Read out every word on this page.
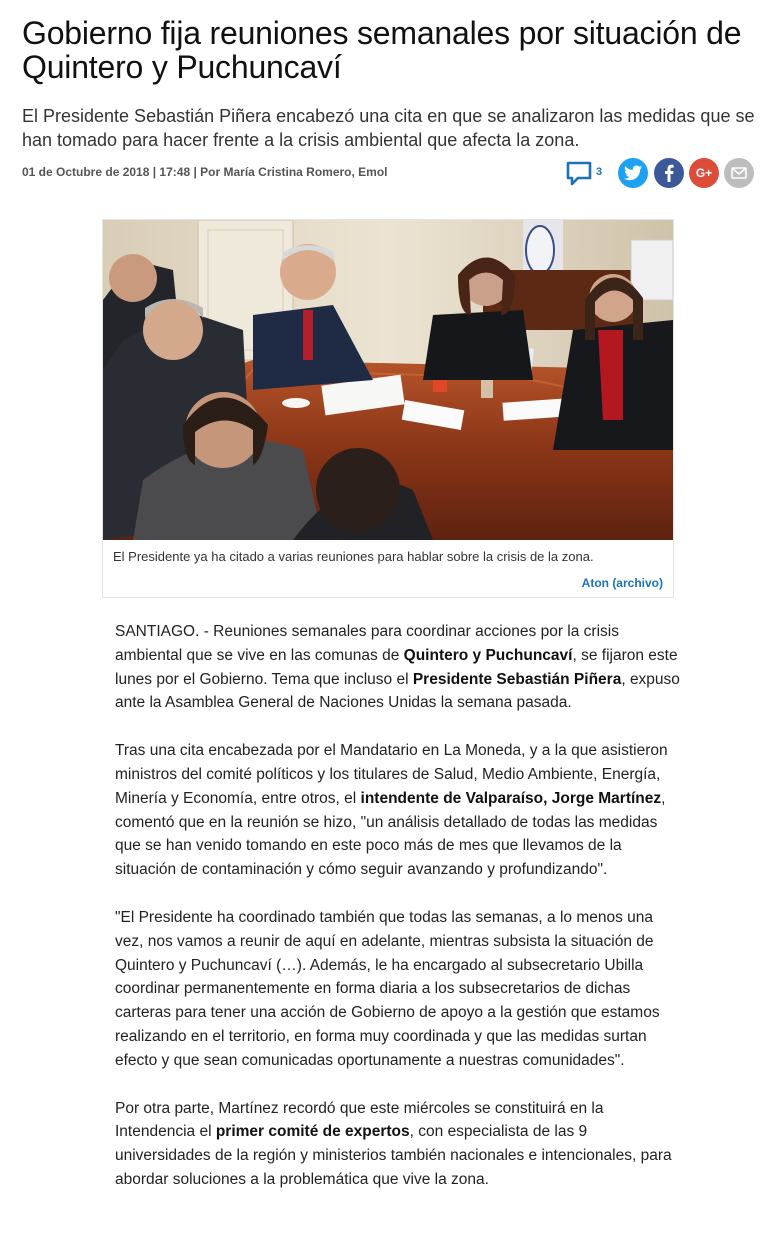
Gobierno fija reuniones semanales por situación de Quintero y Puchuncaví

El Presidente Sebastián Piñera encabezó una cita en que se analizaron las medidas que se han tomado para hacer frente a la crisis ambiental que afecta la zona.

01 de Octubre de 2018 | 17:48 | Por María Cristina Romero, Emol	3	G+
El Presidente ya ha citado a varias reuniones para hablar sobre la crisis de la zona.
Aton (archivo)

SANTIAGO. - Reuniones semanales para coordinar acciones por la crisis ambiental que se vive en las comunas de Quintero y Puchuncaví, se fijaron este lunes por el Gobierno. Tema que incluso el Presidente Sebastián Piñera, expuso ante la Asamblea General de Naciones Unidas la semana pasada.

Tras una cita encabezada por el Mandatario en La Moneda, y a la que asistieron ministros del comité políticos y los titulares de Salud, Medio Ambiente, Energía, Minería y Economía, entre otros, el intendente de Valparaíso, Jorge Martínez, comentó que en la reunión se hizo, "un análisis detallado de todas las medidas que se han venido tomando en este poco más de mes que llevamos de la situación de contaminación y cómo seguir avanzando y profundizando".

"El Presidente ha coordinado también que todas las semanas, a lo menos una vez, nos vamos a reunir de aquí en adelante, mientras subsista la situación de Quintero y Puchuncaví (…). Además, le ha encargado al subsecretario Ubilla coordinar permanentemente en forma diaria a los subsecretarios de dichas carteras para tener una acción de Gobierno de apoyo a la gestión que estamos realizando en el territorio, en forma muy coordinada y que las medidas surtan efecto y que sean comunicadas oportunamente a nuestras comunidades".

Por otra parte, Martínez recordó que este miércoles se constituirá en la Intendencia el primer comité de expertos, con especialista de las 9 universidades de la región y ministerios también nacionales e intencionales, para abordar soluciones a la problemática que vive la zona.
